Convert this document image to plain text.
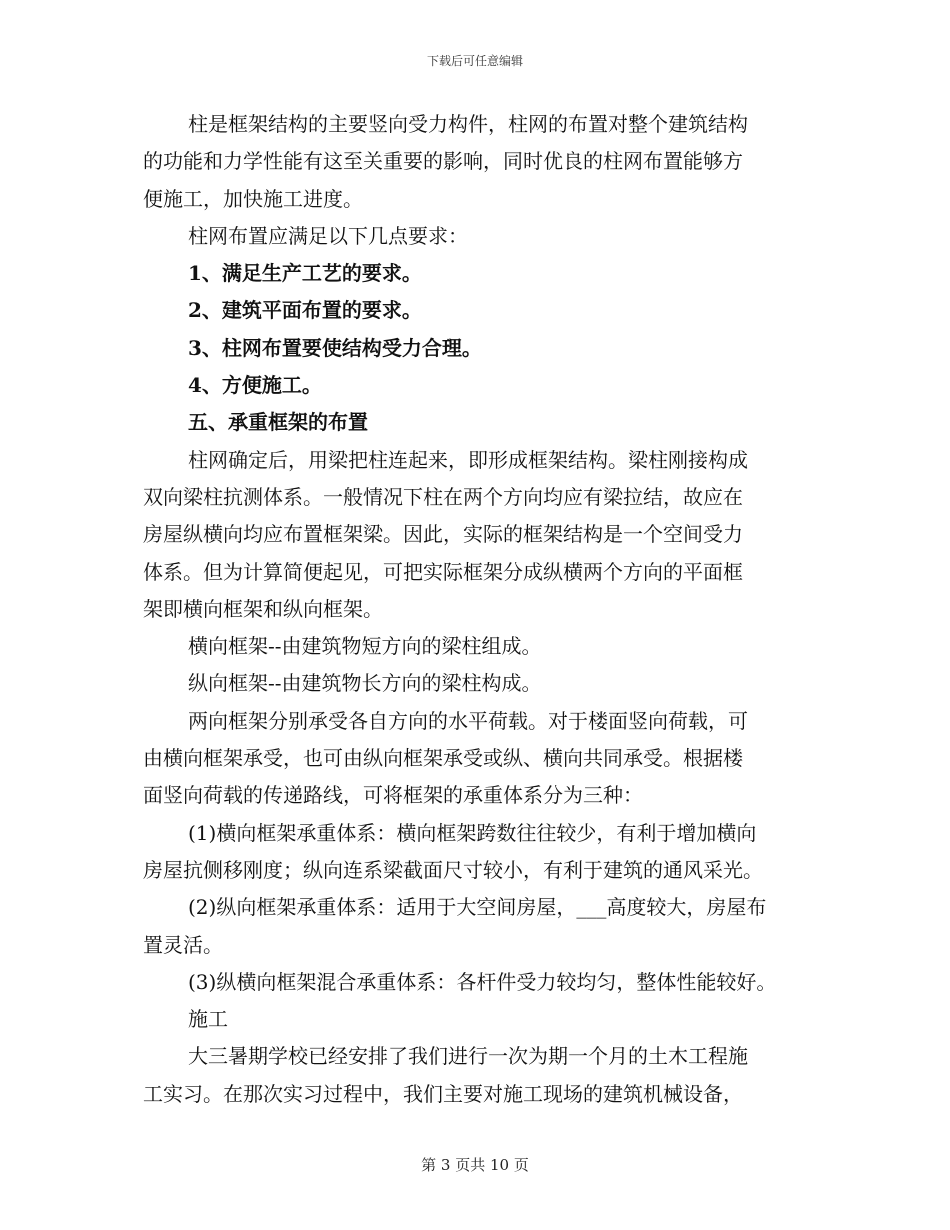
下载后可任意编辑
柱是框架结构的主要竖向受力构件，柱网的布置对整个建筑结构
的功能和力学性能有这至关重要的影响，同时优良的柱网布置能够方
便施工，加快施工进度。
柱网布置应满足以下几点要求：
1、满足生产工艺的要求。
2、建筑平面布置的要求。
3、柱网布置要使结构受力合理。
4、方便施工。
五、承重框架的布置
柱网确定后，用梁把柱连起来，即形成框架结构。梁柱刚接构成
双向梁柱抗测体系。一般情况下柱在两个方向均应有梁拉结，故应在
房屋纵横向均应布置框架梁。因此，实际的框架结构是一个空间受力
体系。但为计算简便起见，可把实际框架分成纵横两个方向的平面框
架即横向框架和纵向框架。
横向框架--由建筑物短方向的梁柱组成。
纵向框架--由建筑物长方向的梁柱构成。
两向框架分别承受各自方向的水平荷载。对于楼面竖向荷载，可
由横向框架承受，也可由纵向框架承受或纵、横向共同承受。根据楼
面竖向荷载的传递路线，可将框架的承重体系分为三种：
(1)横向框架承重体系：横向框架跨数往往较少，有利于增加横向
房屋抗侧移刚度；纵向连系梁截面尺寸较小，有利于建筑的通风采光。
(2)纵向框架承重体系：适用于大空间房屋，___高度较大，房屋布
置灵活。
(3)纵横向框架混合承重体系：各杆件受力较均匀，整体性能较好。
施工
大三暑期学校已经安排了我们进行一次为期一个月的土木工程施
工实习。在那次实习过程中，我们主要对施工现场的建筑机械设备，
第 3 页共 10 页
